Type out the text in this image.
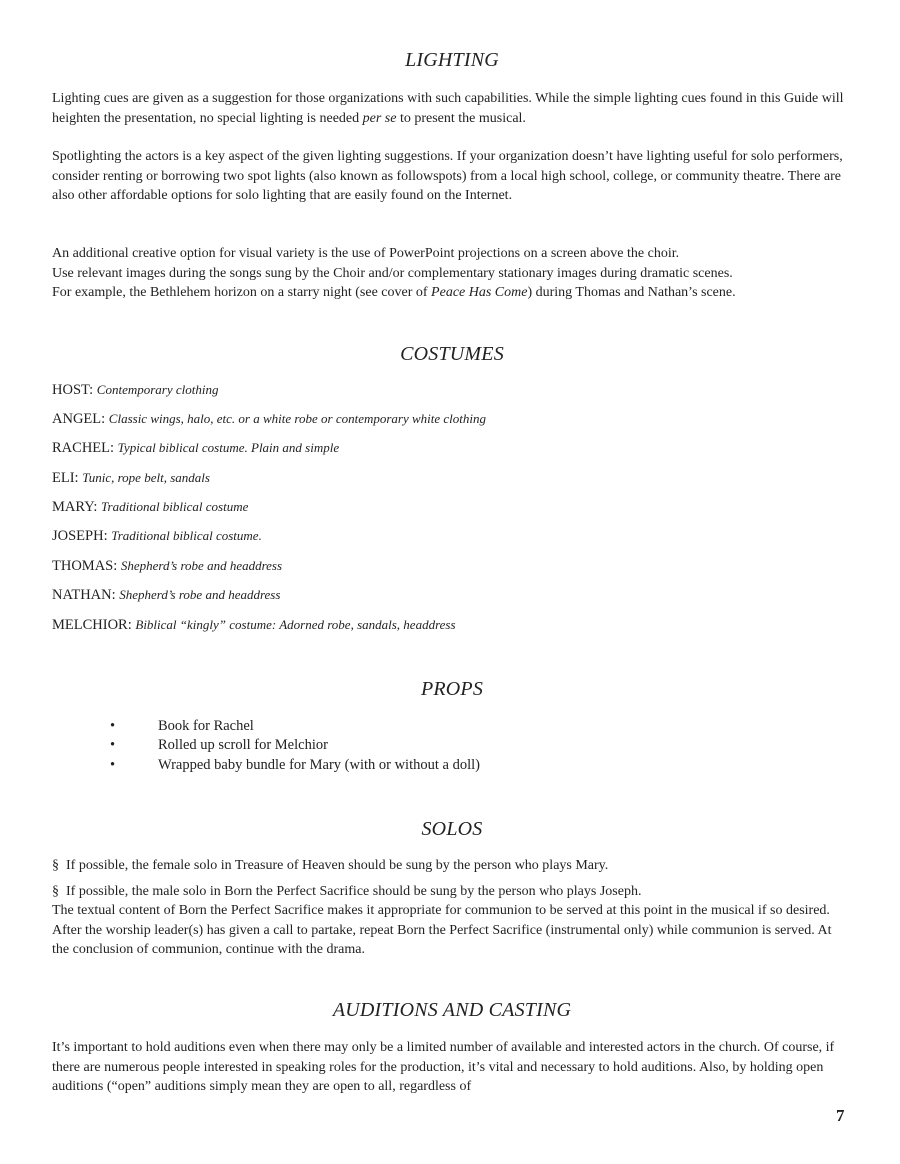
LIGHTING

Lighting cues are given as a suggestion for those organizations with such capabilities. While the simple lighting cues found in this Guide will heighten the presentation, no special lighting is needed per se to present the musical.

Spotlighting the actors is a key aspect of the given lighting suggestions. If your organization doesn’t have lighting useful for solo performers, consider renting or borrowing two spot lights (also known as followspots) from a local high school, college, or community theatre. There are also other affordable options for solo lighting that are easily found on the Internet.

An additional creative option for visual variety is the use of PowerPoint projections on a screen above the choir.
Use relevant images during the songs sung by the Choir and/or complementary stationary images during dramatic scenes.
For example, the Bethlehem horizon on a starry night (see cover of Peace Has Come) during Thomas and Nathan’s scene.

COSTUMES
HOST: Contemporary clothing
ANGEL: Classic wings, halo, etc. or a white robe or contemporary white clothing
RACHEL: Typical biblical costume. Plain and simple
ELI: Tunic, rope belt, sandals
MARY: Traditional biblical costume
JOSEPH: Traditional biblical costume.
THOMAS: Shepherd’s robe and headdress
NATHAN: Shepherd’s robe and headdress
MELCHIOR: Biblical “kingly” costume: Adorned robe, sandals, headdress
PROPS
•	Book for Rachel
•	Rolled up scroll for Melchior
•	Wrapped baby bundle for Mary (with or without a doll)
SOLOS
§ If possible, the female solo in Treasure of Heaven should be sung by the person who plays Mary.
§ If possible, the male solo in Born the Perfect Sacrifice should be sung by the person who plays Joseph.

The textual content of Born the Perfect Sacrifice makes it appropriate for communion to be served at this point in the musical if so desired. After the worship leader(s) has given a call to partake, repeat Born the Perfect Sacrifice (instrumental only) while communion is served. At the conclusion of communion, continue with the drama.

AUDITIONS AND CASTING

It’s important to hold auditions even when there may only be a limited number of available and interested actors in the church. Of course, if there are numerous people interested in speaking roles for the production, it’s vital and necessary to hold auditions. Also, by holding open auditions (“open” auditions simply mean they are open to all, regardless of

7
